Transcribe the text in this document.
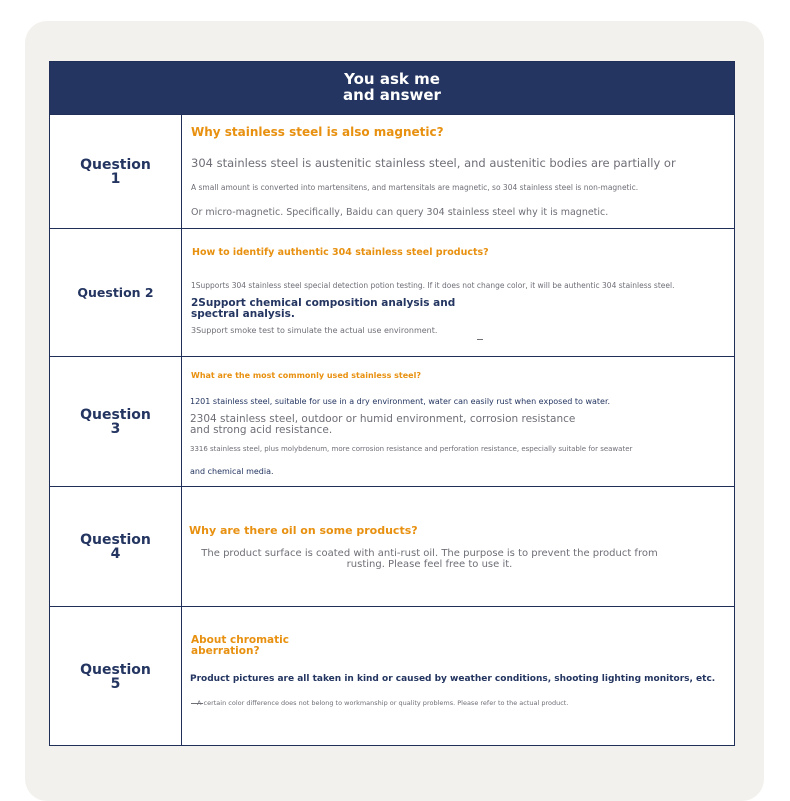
You ask me
and answer
Question
1
Why stainless steel is also magnetic?
304 stainless steel is austenitic stainless steel, and austenitic bodies are partially or
A small amount is converted into martensitens, and martensitals are magnetic, so 304 stainless steel is non-magnetic.
Or micro-magnetic. Specifically, Baidu can query 304 stainless steel why it is magnetic.
Question 2
How to identify authentic 304 stainless steel products?
1Supports 304 stainless steel special detection potion testing. If it does not change color, it will be authentic 304 stainless steel.
2Support chemical composition analysis and
spectral analysis.
3Support smoke test to simulate the actual use environment.
Question
3
What are the most commonly used stainless steel?
1201 stainless steel, suitable for use in a dry environment, water can easily rust when exposed to water.
2304 stainless steel, outdoor or humid environment, corrosion resistance
and strong acid resistance.
3316 stainless steel, plus molybdenum, more corrosion resistance and perforation resistance, especially suitable for seawater
and chemical media.
Question
4
Why are there oil on some products?
The product surface is coated with anti-rust oil. The purpose is to prevent the product from
rusting. Please feel free to use it.
Question
5
About chromatic
aberration?
Product pictures are all taken in kind or caused by weather conditions, shooting lighting monitors, etc.
A certain color difference does not belong to workmanship or quality problems. Please refer to the actual product.
